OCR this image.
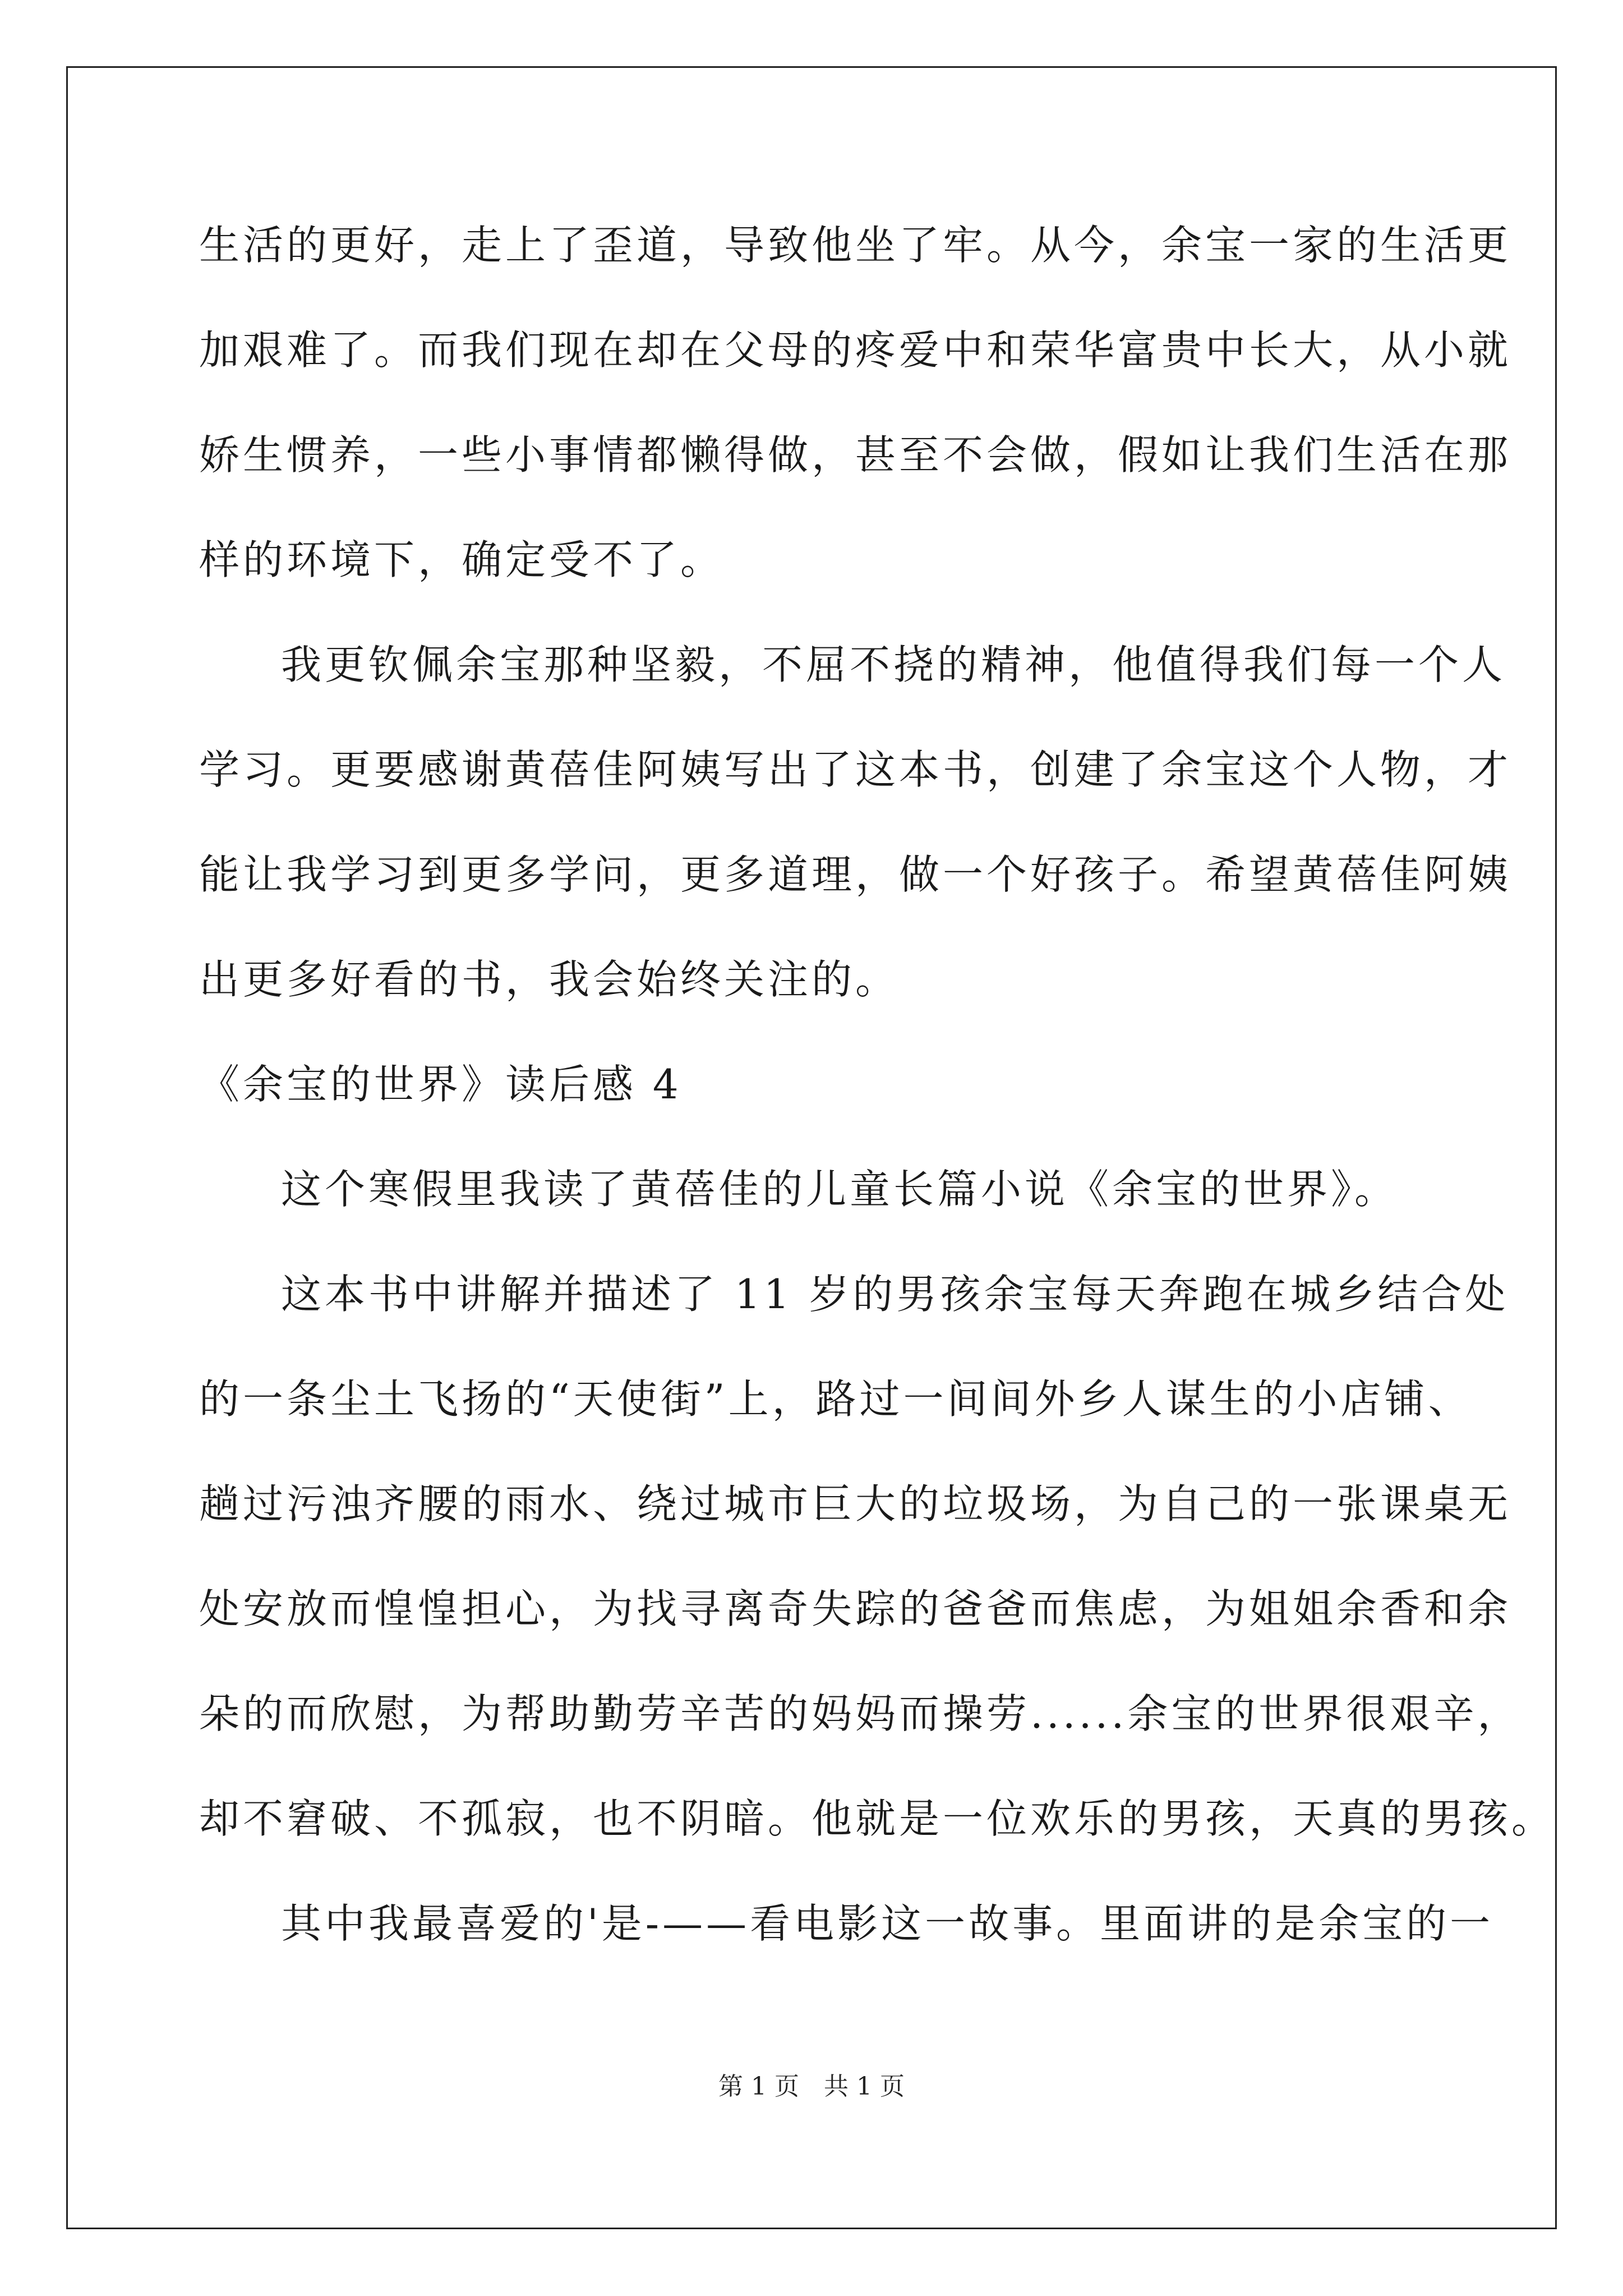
生活的更好，走上了歪道，导致他坐了牢。从今，余宝一家的生活更
加艰难了。而我们现在却在父母的疼爱中和荣华富贵中长大，从小就
娇生惯养，一些小事情都懒得做，甚至不会做，假如让我们生活在那
样的环境下，确定受不了。
我更钦佩余宝那种坚毅，不屈不挠的精神，他值得我们每一个人
学习。更要感谢黄蓓佳阿姨写出了这本书，创建了余宝这个人物，才
能让我学习到更多学问，更多道理，做一个好孩子。希望黄蓓佳阿姨
出更多好看的书，我会始终关注的。
《余宝的世界》读后感 4
这个寒假里我读了黄蓓佳的儿童长篇小说《余宝的世界》。
这本书中讲解并描述了 11 岁的男孩余宝每天奔跑在城乡结合处
的一条尘土飞扬的“天使街”上，路过一间间外乡人谋生的小店铺、
趟过污浊齐腰的雨水、绕过城市巨大的垃圾场，为自己的一张课桌无
处安放而惶惶担心，为找寻离奇失踪的爸爸而焦虑，为姐姐余香和余
朵的而欣慰，为帮助勤劳辛苦的妈妈而操劳......余宝的世界很艰辛，
却不窘破、不孤寂，也不阴暗。他就是一位欢乐的男孩，天真的男孩。
其中我最喜爱的'是-——看电影这一故事。里面讲的是余宝的一
第 1 页　共 1 页
